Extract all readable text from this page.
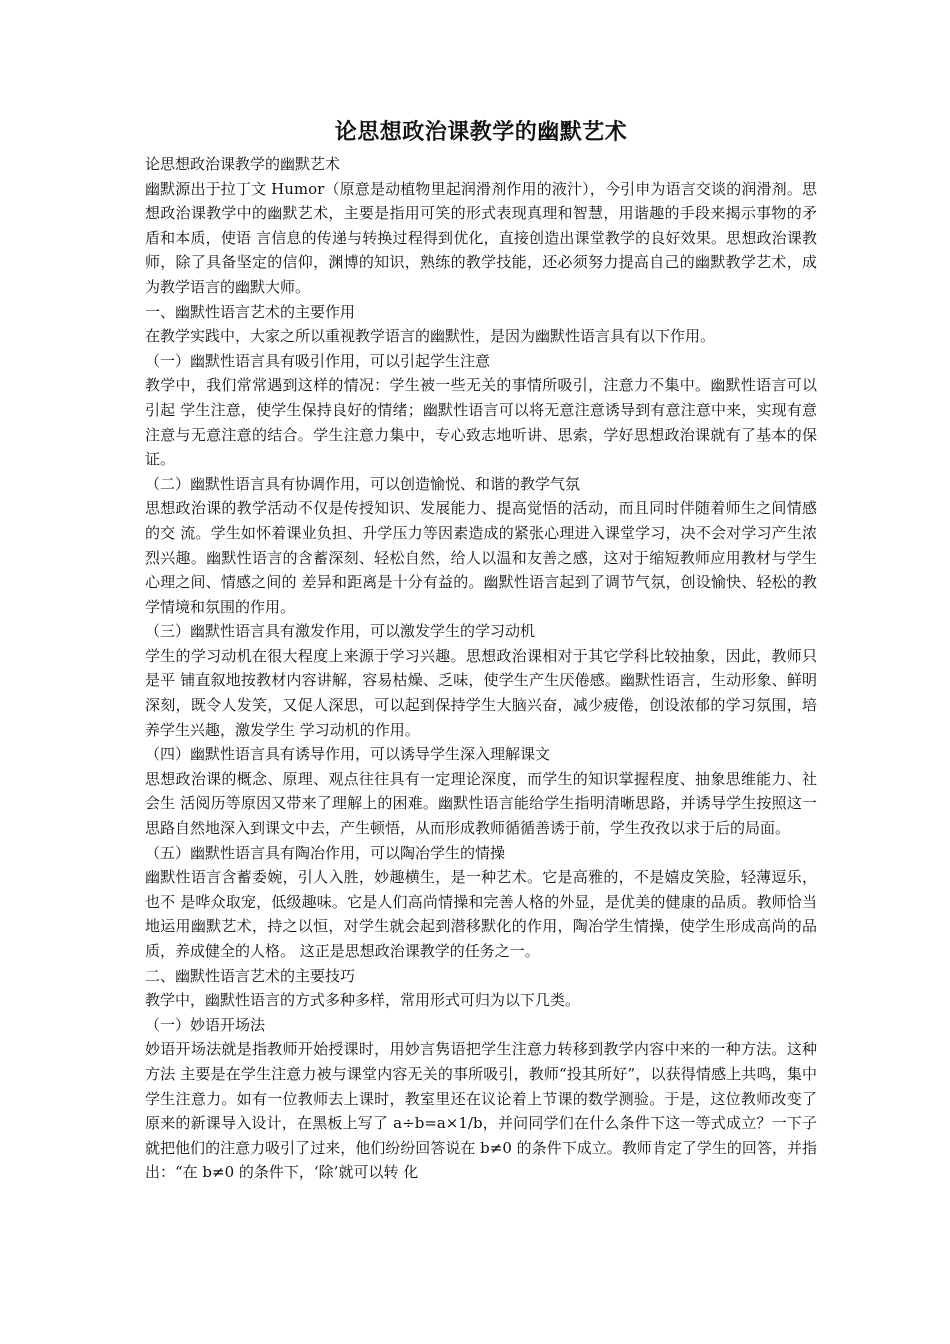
论思想政治课教学的幽默艺术

论思想政治课教学的幽默艺术

幽默源出于拉丁文 Humor（原意是动植物里起润滑剂作用的液汁），今引申为语言交谈的润滑剂。思想政治课教学中的幽默艺术，主要是指用可笑的形式表现真理和智慧，用谐趣的手段来揭示事物的矛盾和本质，使语 言信息的传递与转换过程得到优化，直接创造出课堂教学的良好效果。思想政治课教师，除了具备坚定的信仰，渊博的知识，熟练的教学技能，还必须努力提高自己的幽默教学艺术，成为教学语言的幽默大师。

一、幽默性语言艺术的主要作用

在教学实践中，大家之所以重视教学语言的幽默性，是因为幽默性语言具有以下作用。

（一）幽默性语言具有吸引作用，可以引起学生注意

教学中，我们常常遇到这样的情况：学生被一些无关的事情所吸引，注意力不集中。幽默性语言可以引起 学生注意，使学生保持良好的情绪；幽默性语言可以将无意注意诱导到有意注意中来，实现有意注意与无意注意的结合。学生注意力集中，专心致志地听讲、思索，学好思想政治课就有了基本的保证。

（二）幽默性语言具有协调作用，可以创造愉悦、和谐的教学气氛

思想政治课的教学活动不仅是传授知识、发展能力、提高觉悟的活动，而且同时伴随着师生之间情感的交 流。学生如怀着课业负担、升学压力等因素造成的紧张心理进入课堂学习，决不会对学习产生浓烈兴趣。幽默性语言的含蓄深刻、轻松自然，给人以温和友善之感，这对于缩短教师应用教材与学生心理之间、情感之间的 差异和距离是十分有益的。幽默性语言起到了调节气氛，创设愉快、轻松的教学情境和氛围的作用。

（三）幽默性语言具有激发作用，可以激发学生的学习动机

学生的学习动机在很大程度上来源于学习兴趣。思想政治课相对于其它学科比较抽象，因此，教师只是平 铺直叙地按教材内容讲解，容易枯燥、乏味，使学生产生厌倦感。幽默性语言，生动形象、鲜明深刻，既令人发笑，又促人深思，可以起到保持学生大脑兴奋，减少疲倦，创设浓郁的学习氛围，培养学生兴趣，激发学生 学习动机的作用。

（四）幽默性语言具有诱导作用，可以诱导学生深入理解课文

思想政治课的概念、原理、观点往往具有一定理论深度，而学生的知识掌握程度、抽象思维能力、社会生 活阅历等原因又带来了理解上的困难。幽默性语言能给学生指明清晰思路，并诱导学生按照这一思路自然地深入到课文中去，产生顿悟，从而形成教师循循善诱于前，学生孜孜以求于后的局面。

（五）幽默性语言具有陶冶作用，可以陶冶学生的情操

幽默性语言含蓄委婉，引人入胜，妙趣横生，是一种艺术。它是高雅的，不是嬉皮笑脸，轻薄逗乐，也不 是哗众取宠，低级趣味。它是人们高尚情操和完善人格的外显，是优美的健康的品质。教师恰当地运用幽默艺术，持之以恒，对学生就会起到潜移默化的作用，陶冶学生情操，使学生形成高尚的品质，养成健全的人格。 这正是思想政治课教学的任务之一。

二、幽默性语言艺术的主要技巧

教学中，幽默性语言的方式多种多样，常用形式可归为以下几类。

（一）妙语开场法

妙语开场法就是指教师开始授课时，用妙言隽语把学生注意力转移到教学内容中来的一种方法。这种方法 主要是在学生注意力被与课堂内容无关的事所吸引，教师“投其所好”，以获得情感上共鸣，集中学生注意力。如有一位教师去上课时，教室里还在议论着上节课的数学测验。于是，这位教师改变了原来的新课导入设计，在黑板上写了 a÷b=a×1/b，并问同学们在什么条件下这一等式成立？一下子就把他们的注意力吸引了过来，他们纷纷回答说在 b≠0 的条件下成立。教师肯定了学生的回答，并指出：“在 b≠0 的条件下，‘除’就可以转 化
